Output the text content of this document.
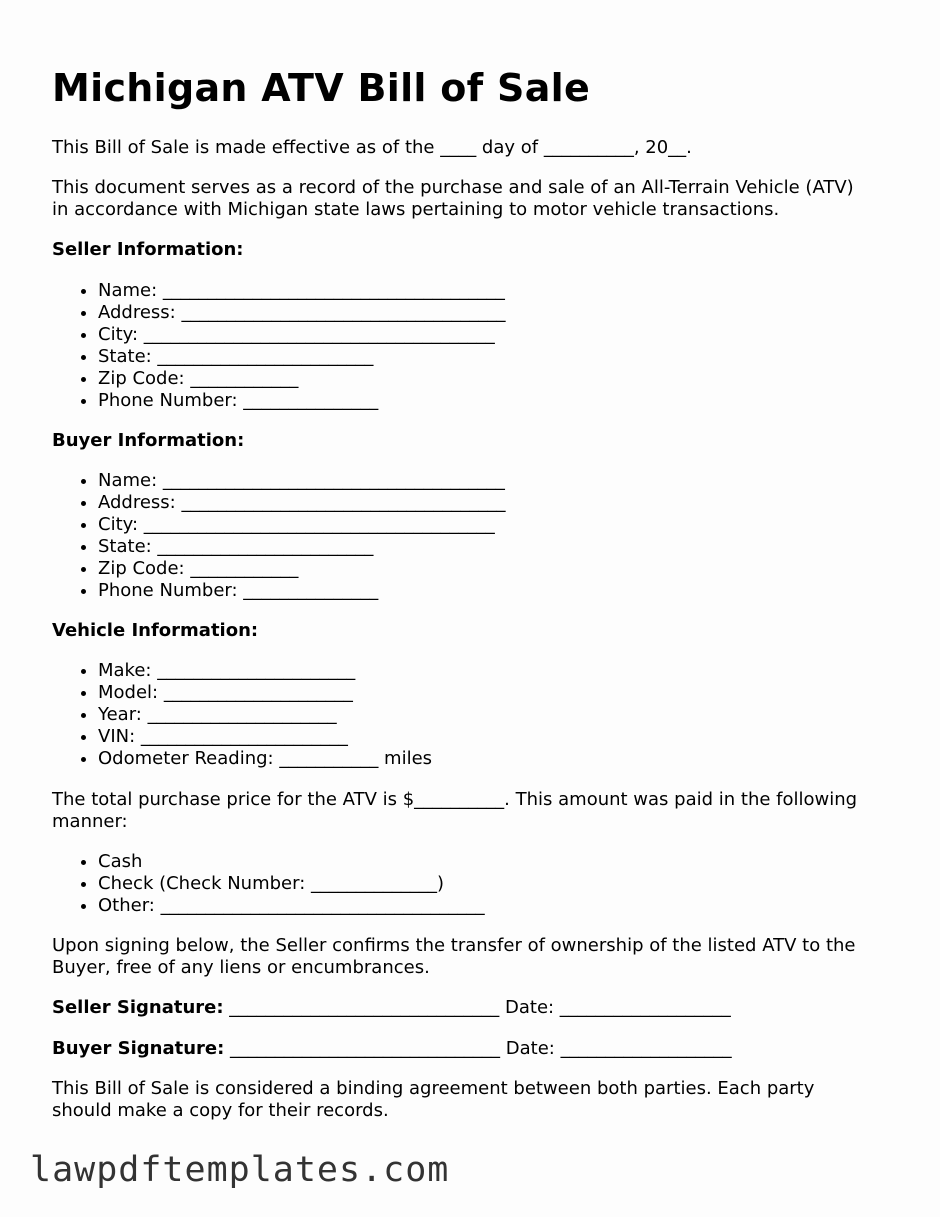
Michigan ATV Bill of Sale

This Bill of Sale is made effective as of the ____ day of __________, 20__.

This document serves as a record of the purchase and sale of an All-Terrain Vehicle (ATV)

in accordance with Michigan state laws pertaining to motor vehicle transactions.

Seller Information:

• Name: ______________________________________
• Address: ____________________________________
• City: _______________________________________
• State: ________________________
• Zip Code: ____________
• Phone Number: _______________

Buyer Information:

• Name: ______________________________________
• Address: ____________________________________
• City: _______________________________________
• State: ________________________
• Zip Code: ____________
• Phone Number: _______________

Vehicle Information:

• Make: ______________________
• Model: _____________________
• Year: _____________________
• VIN: _______________________
• Odometer Reading: ___________ miles

The total purchase price for the ATV is $__________. This amount was paid in the following

manner:

• Cash
• Check (Check Number: ______________)
• Other: ____________________________________

Upon signing below, the Seller confirms the transfer of ownership of the listed ATV to the

Buyer, free of any liens or encumbrances.

Seller Signature: ______________________________ Date: ___________________

Buyer Signature: ______________________________ Date: ___________________

This Bill of Sale is considered a binding agreement between both parties. Each party

should make a copy for their records.

lawpdftemplates.com
